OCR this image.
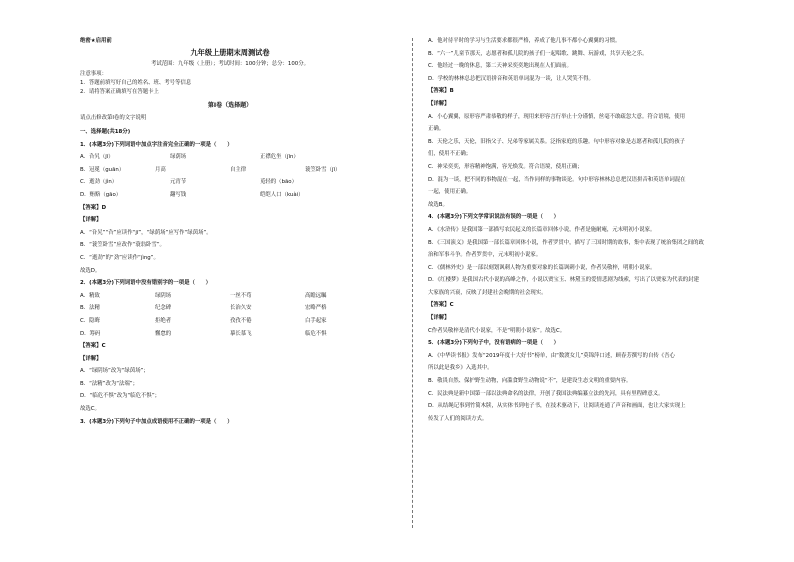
绝密★启用前
九年级上册期末周测试卷
考试范围：九年级（上册）；考试时间：100分钟；总分：100分。
注意事项：
1．答题前填写好自己的姓名、班、考号等信息
2．请将答案正确填写在答题卡上
第I卷（选择题）
请点击修改第I卷的文字说明
一、选择题(共18分)
1．(本题3分)下列词语中加点字注音完全正确的一项是（　　）
A．旮旯（jī）	绿荫场	正襟危坐（jīn）
B．冠冕（guān）	月高	自主律	蓑笠卧雪（jī）
C．逝劲（jìn）	元宵节	觅轻的（bāo）
D．贿赂（gāo）	翻写钱	皑皑人口（kuài）
【答案】D
【详解】
A．“旮旯”“旮”应读作“jī”，“绿荫场”应写作“绿茵场”。
B．“蓑笠卧雪”应改作“蓑翁卧雪”。
C．“逝劲”的“劲”应读作“jìng”。
故选D。
2．(本题3分)下列词语中没有错别字的一项是（　　）
A．精致	绿阴场	一丝不苟	高瞻远瞩
B．法精	纪念碑	长治久安	宏略严格
C．隐晦	拒绝者	孜孜不倦	白手起家
D．筹码	懈怠的	摹长慕飞	临危不惧
【答案】C
【详解】
A．“绿阴场”改为“绿茵场”；
B．“法精”改为“法端”；
D．“临危不惧”改为“临危不惧”；
故选C。
3．(本题3分)下列句子中加点成语使用不正确的一项是（　　）
A．他对待平时的学习与生活要求都很严格，养成了他几事不都小心翼翼的习惯。
B．“六一”儿童节那天，志愿者和孤儿院的孩子们一起唱歌、跳舞、玩游戏，共享天伦之乐。
C．他经过一晚的休息，第二天神采奕奕地出现在人们面前。
D．学校的林林总总把汉语拼音和英语单词混为一谈，让人哭笑不得。
【答案】B
【详解】
A．小心翼翼，原形容严肃恭敬的样子，现用来形容言行举止十分谨慎，丝毫不敢疏忽大意。符合语境，使用
正确。
B．天伦之乐，天伦，旧指父子、兄弟等家属关系。泛指家庭的乐趣。句中形容对象是志愿者和孤儿院的孩子
们，使用不正确；
C．神采奕奕，形容精神饱满，容光焕发。符合语境，使用正确；
D．混为一谈，把不同的事物混在一起，当作同样的事物谈论。句中形容林林总总把汉语拼音和英语单词混在
一起，使用正确。
故选B。
4．(本题3分)下列文学常识说法有误的一项是（　　）
A．《水浒传》是我国第一部描写农民起义的长篇章回体小说，作者是施耐庵，元末明初小说家。
B．《三国演义》是我国第一部长篇章回体小说，作者罗贯中，描写了三国时期的故事，集中表现了统治集团之间的政
治和军事斗争。作者罗贯中，元末明初小说家。
C．《儒林外史》是一部以刻划讽刺人物为重要对象的长篇讽刺小说，作者吴敬梓，明朝小说家。
D．《红楼梦》是我国古代小说的高峰之作，小说以贾宝玉、林黛玉的爱情悲剧为线索，写出了以贾家为代表的封建
大家族的兴衰，反映了封建社会晚期的社会现实。
【答案】C
【详解】
C作者吴敬梓是清代小说家，不是“明朝小说家”。故选C。
5．(本题3分)下列句子中，没有语病的一项是（　　）
A．《中华读书报》发布“2019年度十大好书”榜单，由“数渡女儿”莫锦萍口述，顾春芳撰写的自传《吾心
所以此是我乡》入选其中。
B．敬畏自然、保护野生动物，向滥食野生动物说“不”，是建设生态文明的重要内容。
C．民法典是新中国第一部以法典命名的法律，开创了我国法典编纂立法的先河，具有里程碑意义。
D．从结绳记事到竹简木牍，从实体书到电子书，在技术驱动下，让阅读连通了声音和画面，也让大家实现上
传发了人们的阅读方式。
